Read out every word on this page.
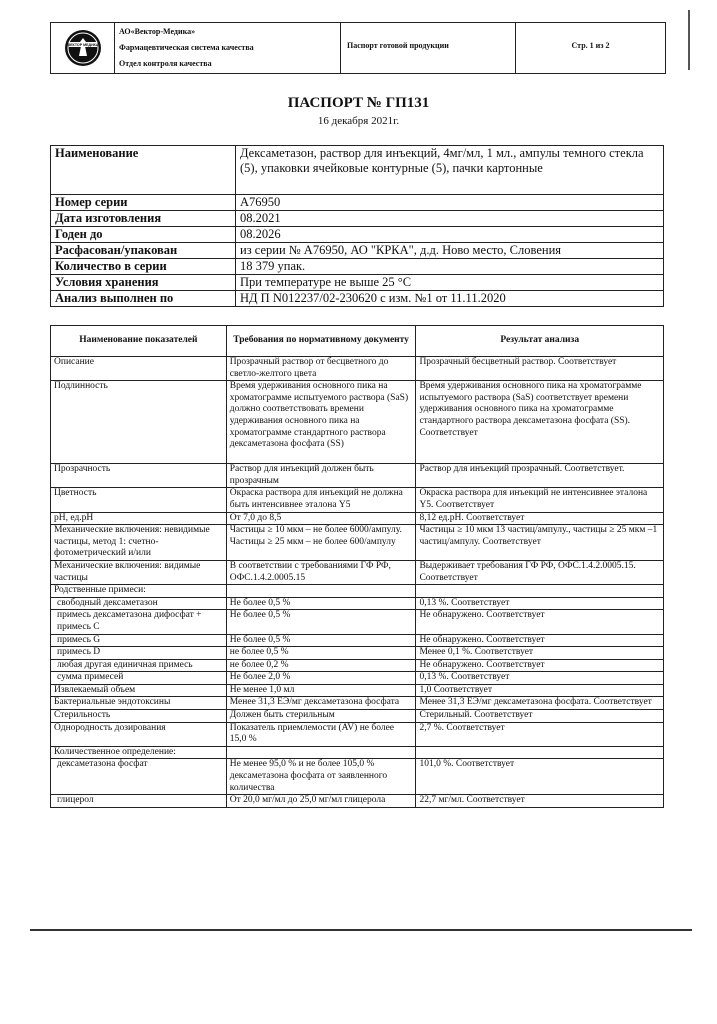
ВЕКТОР МЕДИКА
АО«Вектор-Медика»
Фармацевтическая система качества
Отдел контроля качества
Паспорт готовой продукции	Стр. 1 из 2
ПАСПОРТ № ГП131
16 декабря 2021г.
Наименование	Дексаметазон, раствор для инъекций, 4мг/мл, 1 мл., ампулы темного стекла (5), упаковки ячейковые контурные (5), пачки картонные
Номер серии	A76950
Дата изготовления	08.2021
Годен до	08.2026
Расфасован/упакован	из серии № A76950, АО "КРКА", д.д. Ново место, Словения
Количество в серии	18 379 упак.
Условия хранения	При температуре не выше 25 °С
Анализ выполнен по	НД П N012237/02-230620 с изм. №1 от 11.11.2020
Наименование показателей	Требования по нормативному документу	Результат анализа
Описание	Прозрачный раствор от бесцветного до светло-желтого цвета	Прозрачный бесцветный раствор. Соответствует
Подлинность	Время удерживания основного пика на хроматограмме испытуемого раствора (SaS) должно соответствовать времени удерживания основного пика на хроматограмме стандартного раствора дексаметазона фосфата (SS)	Время удерживания основного пика на хроматограмме испытуемого раствора (SaS) соответствует времени удерживания основного пика на хроматограмме стандартного раствора дексаметазона фосфата (SS). Соответствует
Прозрачность	Раствор для инъекций должен быть прозрачным	Раствор для инъекций прозрачный. Соответствует.
Цветность	Окраска раствора для инъекций не должна быть интенсивнее эталона Y5	Окраска раствора для инъекций не интенсивнее эталона Y5. Соответствует
pH, ед.pH	От 7,0 до 8,5	8,12 ед.pH. Соответствует
Механические включения: невидимые частицы, метод 1: счетно-фотометрический и/или	Частицы ≥ 10 мкм – не более 6000/ампулу. Частицы ≥ 25 мкм – не более 600/ампулу	Частицы ≥ 10 мкм 13 частиц/ампулу., частицы ≥ 25 мкм –1 частиц/ампулу. Соответствует
Механические включения: видимые частицы	В соответствии с требованиями ГФ РФ, ОФС.1.4.2.0005.15	Выдерживает требования ГФ РФ, ОФС.1.4.2.0005.15. Соответствует
Родственные примеси:		
свободный дексаметазон	Не более 0,5 %	0,13 %. Соответствует
примесь дексаметазона дифосфат + примесь С	Не более 0,5 %	Не обнаружено. Соответствует
примесь G	Не более 0,5 %	Не обнаружено. Соответствует
примесь D	не более 0,5 %	Менее 0,1 %. Соответствует
любая другая единичная примесь	не более 0,2 %	Не обнаружено. Соответствует
сумма примесей	Не более 2,0 %	0,13 %. Соответствует
Извлекаемый объем	Не менее 1,0 мл	1,0 Соответствует
Бактериальные эндотоксины	Менее 31,3 ЕЭ/мг дексаметазона фосфата	Менее 31,3 ЕЭ/мг дексаметазона фосфата. Соответствует
Стерильность	Должен быть стерильным	Стерильный. Соответствует
Однородность дозирования	Показатель приемлемости (AV) не более 15,0 %	2,7 %. Соответствует
Количественное определение:		
дексаметазона фосфат	Не менее 95,0 % и не более 105,0 % дексаметазона фосфата от заявленного количества	101,0 %. Соответствует
глицерол	От 20,0 мг/мл до 25,0 мг/мл глицерола	22,7 мг/мл. Соответствует
